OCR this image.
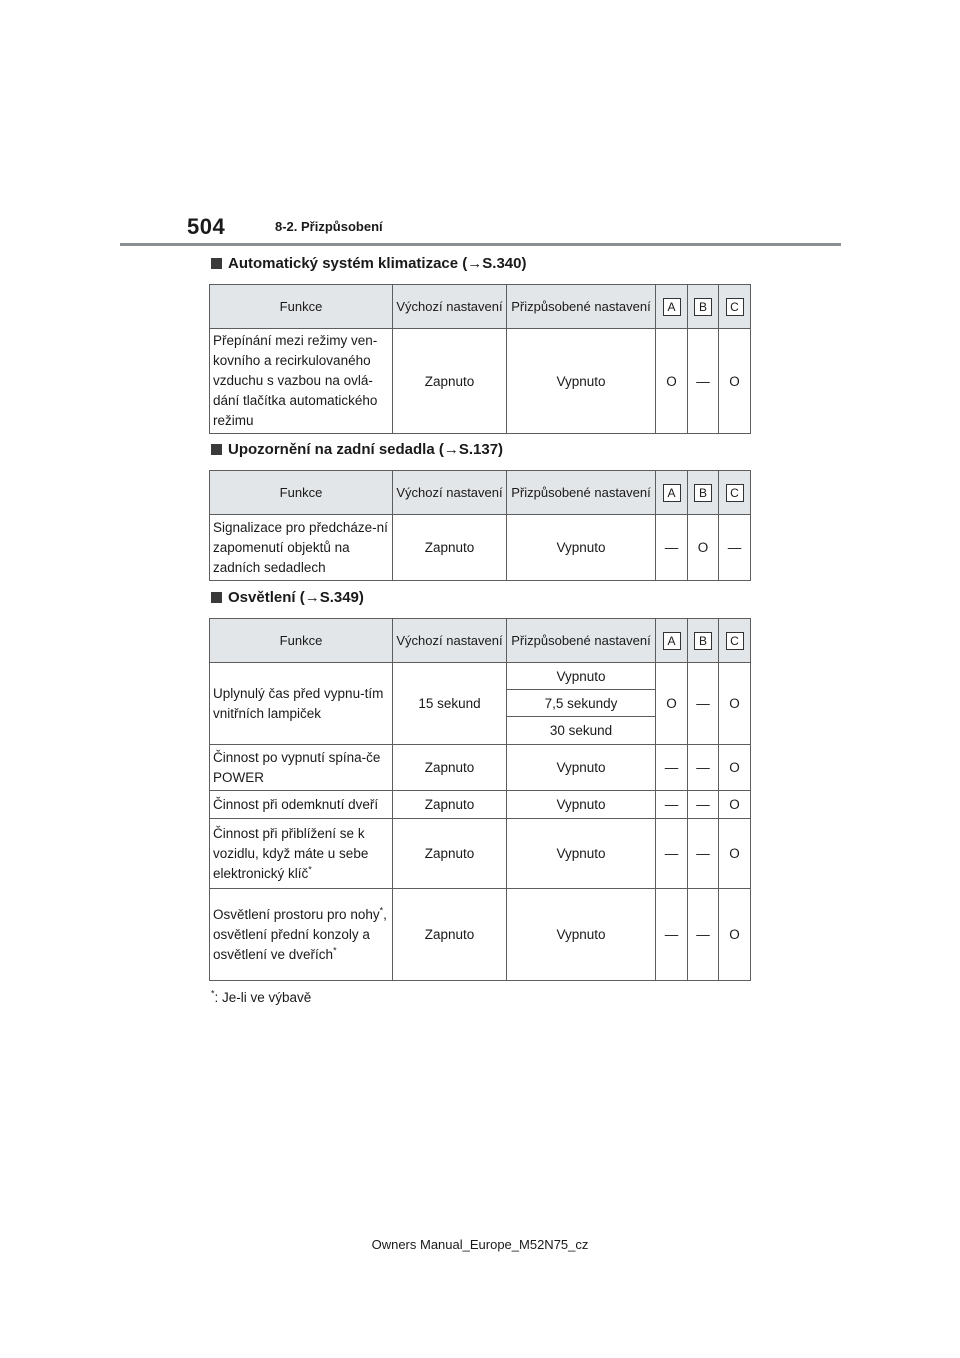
504	8-2. Přizpůsobení
Automatický systém klimatizace ( → S.340)
Funkce	Výchozí nastavení	Přizpůsobené nastavení	A	B	C
Přepínání mezi režimy ven-kovního a recirkulovaného vzduchu s vazbou na ovlá-dání tlačítka automatického režimu	Zapnuto	Vypnuto	O	—	O
Upozornění na zadní sedadla ( → S.137)
Funkce	Výchozí nastavení	Přizpůsobené nastavení	A	B	C
Signalizace pro předcháze-ní zapomenutí objektů na zadních sedadlech	Zapnuto	Vypnuto	—	O	—
Osvětlení ( → S.349)
Funkce	Výchozí nastavení	Přizpůsobené nastavení	A	B	C
Uplynulý čas před vypnu-tím vnitřních lampiček	15 sekund	Vypnuto	O	—	O
		7,5 sekundy			
		30 sekund			
Činnost po vypnutí spína-če POWER	Zapnuto	Vypnuto	—	—	O
Činnost při odemknutí dveří	Zapnuto	Vypnuto	—	—	O
Činnost při přiblížení se k vozidlu, když máte u sebe elektronický klíč*	Zapnuto	Vypnuto	—	—	O
Osvětlení prostoru pro nohy*, osvětlení přední konzoly a osvětlení ve dveřích*	Zapnuto	Vypnuto	—	—	O
*: Je-li ve výbavě
Owners Manual_Europe_M52N75_cz
